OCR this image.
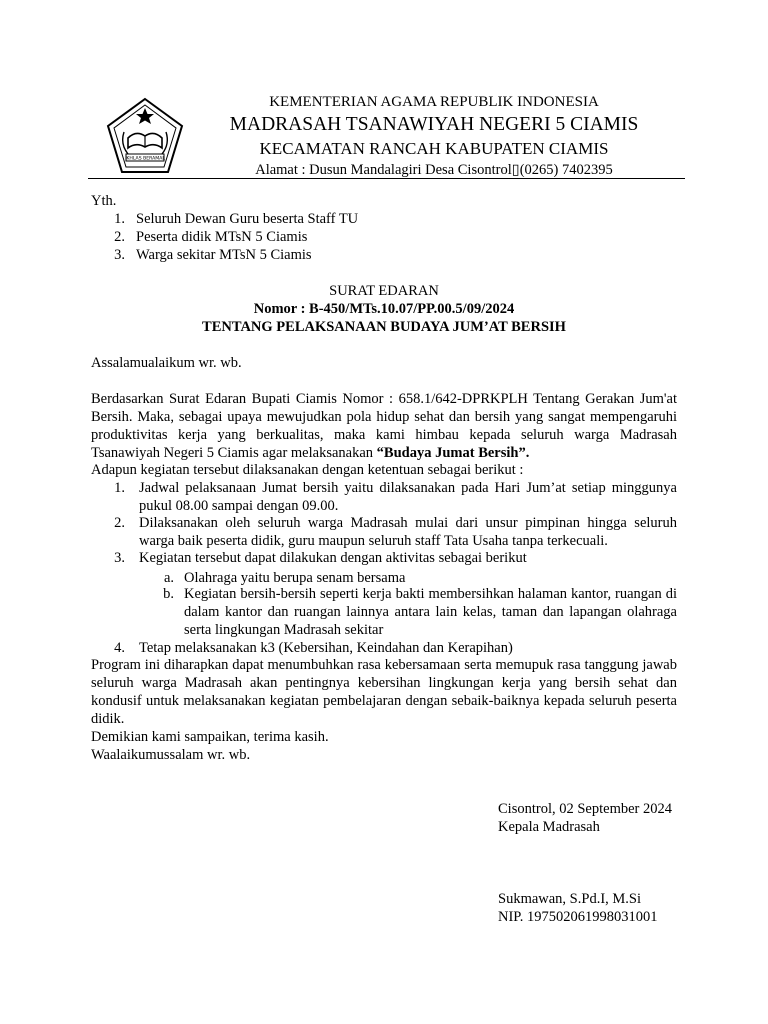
IKHLAS BERAMAL
KEMENTERIAN AGAMA REPUBLIK INDONESIA
MADRASAH TSANAWIYAH NEGERI 5 CIAMIS
KECAMATAN RANCAH KABUPATEN CIAMIS
Alamat : Dusun Mandalagiri Desa Cisontrol▯(0265) 7402395
Yth.
1. Seluruh Dewan Guru beserta Staff TU
2. Peserta didik MTsN 5 Ciamis
3. Warga sekitar MTsN 5 Ciamis
SURAT EDARAN
Nomor : B-450/MTs.10.07/PP.00.5/09/2024
TENTANG PELAKSANAAN BUDAYA JUM’AT BERSIH
Assalamualaikum wr. wb.
Berdasarkan Surat Edaran Bupati Ciamis Nomor : 658.1/642-DPRKPLH Tentang Gerakan Jum'at Bersih. Maka, sebagai upaya mewujudkan pola hidup sehat dan bersih yang sangat mempengaruhi produktivitas kerja yang berkualitas, maka kami himbau kepada seluruh warga Madrasah Tsanawiyah Negeri 5 Ciamis agar melaksanakan “Budaya Jumat Bersih”.
Adapun kegiatan tersebut dilaksanakan dengan ketentuan sebagai berikut :
1. Jadwal pelaksanaan Jumat bersih yaitu dilaksanakan pada Hari Jum’at setiap minggunya pukul 08.00 sampai dengan 09.00.
2. Dilaksanakan oleh seluruh warga Madrasah mulai dari unsur pimpinan hingga seluruh warga baik peserta didik, guru maupun seluruh staff Tata Usaha tanpa terkecuali.
3. Kegiatan tersebut dapat dilakukan dengan aktivitas sebagai berikut
a. Olahraga yaitu berupa senam bersama
b. Kegiatan bersih-bersih seperti kerja bakti membersihkan halaman kantor, ruangan di dalam kantor dan ruangan lainnya antara lain kelas, taman dan lapangan olahraga serta lingkungan Madrasah sekitar
4. Tetap melaksanakan k3 (Kebersihan, Keindahan dan Kerapihan)
Program ini diharapkan dapat menumbuhkan rasa kebersamaan serta memupuk rasa tanggung jawab seluruh warga Madrasah akan pentingnya kebersihan lingkungan kerja yang bersih sehat dan kondusif untuk melaksanakan kegiatan pembelajaran dengan sebaik-baiknya kepada seluruh peserta didik.
Demikian kami sampaikan, terima kasih.
Waalaikumussalam wr. wb.
Cisontrol, 02 September 2024
Kepala Madrasah
Sukmawan, S.Pd.I, M.Si
NIP. 197502061998031001
